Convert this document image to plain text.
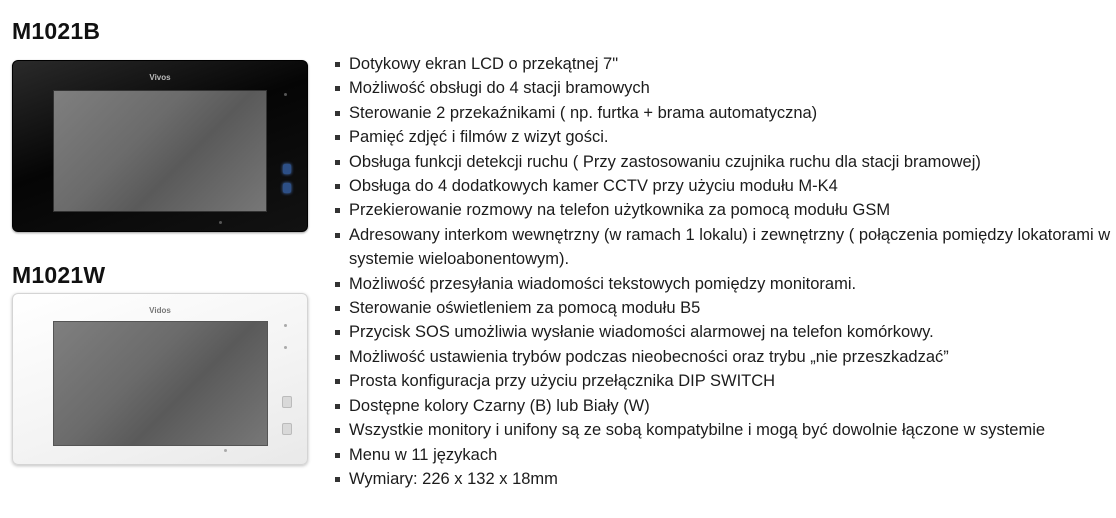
M1021B
Vivos
M1021W
Vidos
Dotykowy ekran LCD o przekątnej 7"
Możliwość obsługi do 4 stacji bramowych
Sterowanie 2 przekaźnikami ( np. furtka + brama automatyczna)
Pamięć zdjęć i filmów z wizyt gości.
Obsługa funkcji detekcji ruchu ( Przy zastosowaniu czujnika ruchu dla stacji bramowej)
Obsługa do 4 dodatkowych kamer CCTV przy użyciu modułu M-K4
Przekierowanie rozmowy na telefon użytkownika za pomocą modułu GSM
Adresowany interkom wewnętrzny (w ramach 1 lokalu) i zewnętrzny ( połączenia pomiędzy lokatorami w systemie wieloabonentowym).
Możliwość przesyłania wiadomości tekstowych pomiędzy monitorami.
Sterowanie oświetleniem za pomocą modułu B5
Przycisk SOS umożliwia wysłanie wiadomości alarmowej na telefon komórkowy.
Możliwość ustawienia trybów podczas nieobecności oraz trybu „nie przeszkadzać”
Prosta konfiguracja przy użyciu przełącznika DIP SWITCH
Dostępne kolory Czarny (B) lub Biały (W)
Wszystkie monitory i unifony są ze sobą kompatybilne i mogą być dowolnie łączone w systemie
Menu w 11 językach
Wymiary: 226 x 132 x 18mm
